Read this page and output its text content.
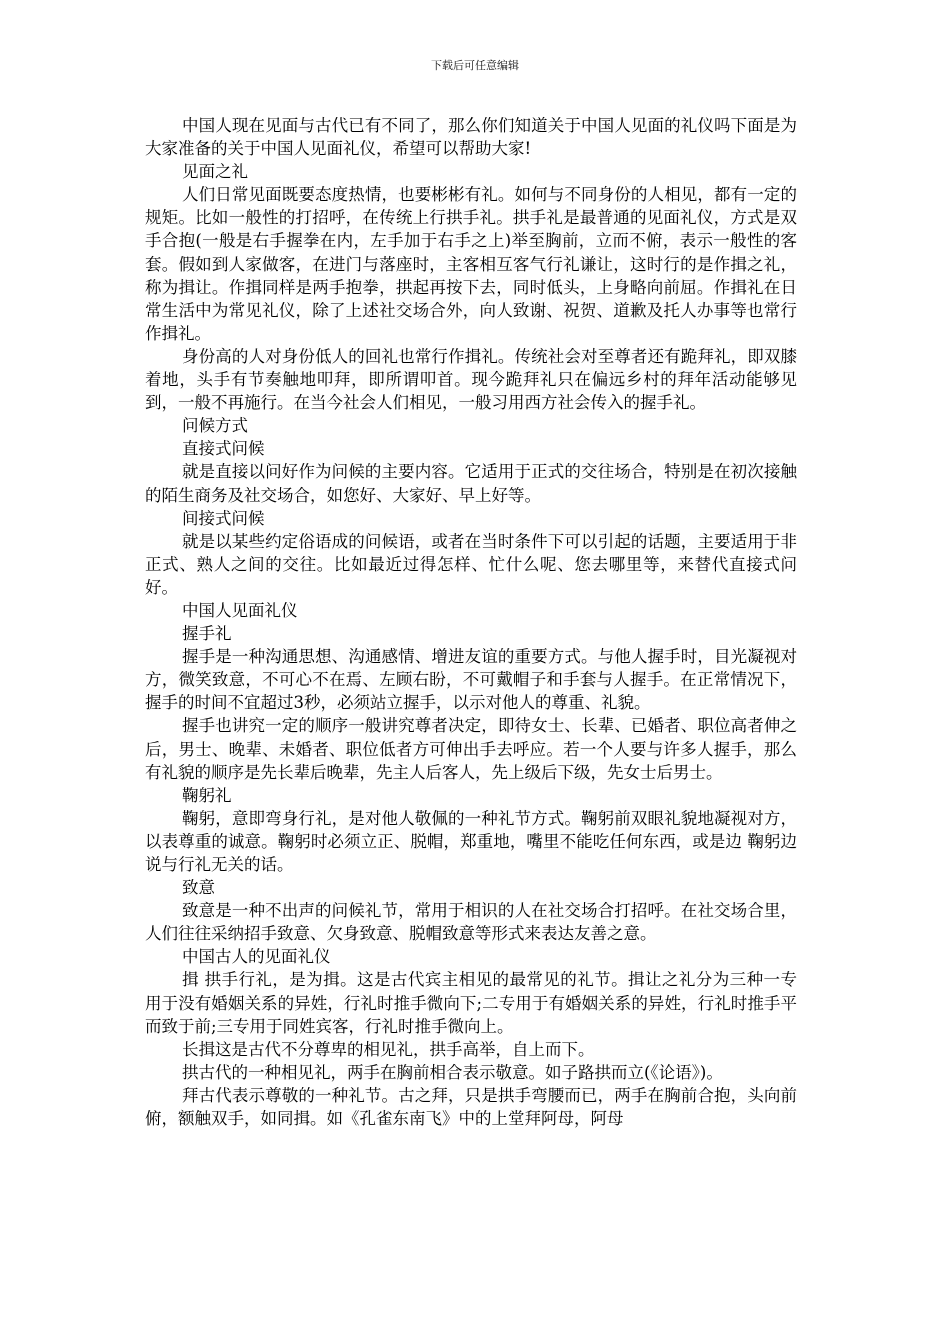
下载后可任意编辑

中国人现在见面与古代已有不同了，那么你们知道关于中国人见面的礼仪吗下面是为大家准备的关于中国人见面礼仪，希望可以帮助大家!

见面之礼

人们日常见面既要态度热情，也要彬彬有礼。如何与不同身份的人相见，都有一定的规矩。比如一般性的打招呼，在传统上行拱手礼。拱手礼是最普通的见面礼仪，方式是双手合抱(一般是右手握拳在内，左手加于右手之上)举至胸前，立而不俯，表示一般性的客套。假如到人家做客，在进门与落座时，主客相互客气行礼谦让，这时行的是作揖之礼，称为揖让。作揖同样是两手抱拳，拱起再按下去，同时低头，上身略向前屈。作揖礼在日常生活中为常见礼仪，除了上述社交场合外，向人致谢、祝贺、道歉及托人办事等也常行作揖礼。

身份高的人对身份低人的回礼也常行作揖礼。传统社会对至尊者还有跪拜礼，即双膝着地，头手有节奏触地叩拜，即所谓叩首。现今跪拜礼只在偏远乡村的拜年活动能够见到，一般不再施行。在当今社会人们相见，一般习用西方社会传入的握手礼。

问候方式

直接式问候

就是直接以问好作为问候的主要内容。它适用于正式的交往场合，特别是在初次接触的陌生商务及社交场合，如您好、大家好、早上好等。

间接式问候

就是以某些约定俗语成的问候语，或者在当时条件下可以引起的话题，主要适用于非正式、熟人之间的交往。比如最近过得怎样、忙什么呢、您去哪里等，来替代直接式问好。

中国人见面礼仪

握手礼

握手是一种沟通思想、沟通感情、增进友谊的重要方式。与他人握手时，目光凝视对方，微笑致意，不可心不在焉、左顾右盼，不可戴帽子和手套与人握手。在正常情况下，握手的时间不宜超过3秒，必须站立握手，以示对他人的尊重、礼貌。

握手也讲究一定的顺序一般讲究尊者决定，即待女士、长辈、已婚者、职位高者伸之后，男士、晚辈、未婚者、职位低者方可伸出手去呼应。若一个人要与许多人握手，那么有礼貌的顺序是先长辈后晚辈，先主人后客人，先上级后下级，先女士后男士。

鞠躬礼

鞠躬，意即弯身行礼，是对他人敬佩的一种礼节方式。鞠躬前双眼礼貌地凝视对方，以表尊重的诚意。鞠躬时必须立正、脱帽，郑重地，嘴里不能吃任何东西，或是边 鞠躬边说与行礼无关的话。

致意

致意是一种不出声的问候礼节，常用于相识的人在社交场合打招呼。在社交场合里，人们往往采纳招手致意、欠身致意、脱帽致意等形式来表达友善之意。

中国古人的见面礼仪

揖 拱手行礼，是为揖。这是古代宾主相见的最常见的礼节。揖让之礼分为三种一专用于没有婚姻关系的异姓，行礼时推手微向下;二专用于有婚姻关系的异姓，行礼时推手平而致于前;三专用于同姓宾客，行礼时推手微向上。

长揖这是古代不分尊卑的相见礼，拱手高举，自上而下。

拱古代的一种相见礼，两手在胸前相合表示敬意。如子路拱而立(《论语》)。

拜古代表示尊敬的一种礼节。古之拜，只是拱手弯腰而已，两手在胸前合抱，头向前俯，额触双手，如同揖。如《孔雀东南飞》中的上堂拜阿母，阿母
